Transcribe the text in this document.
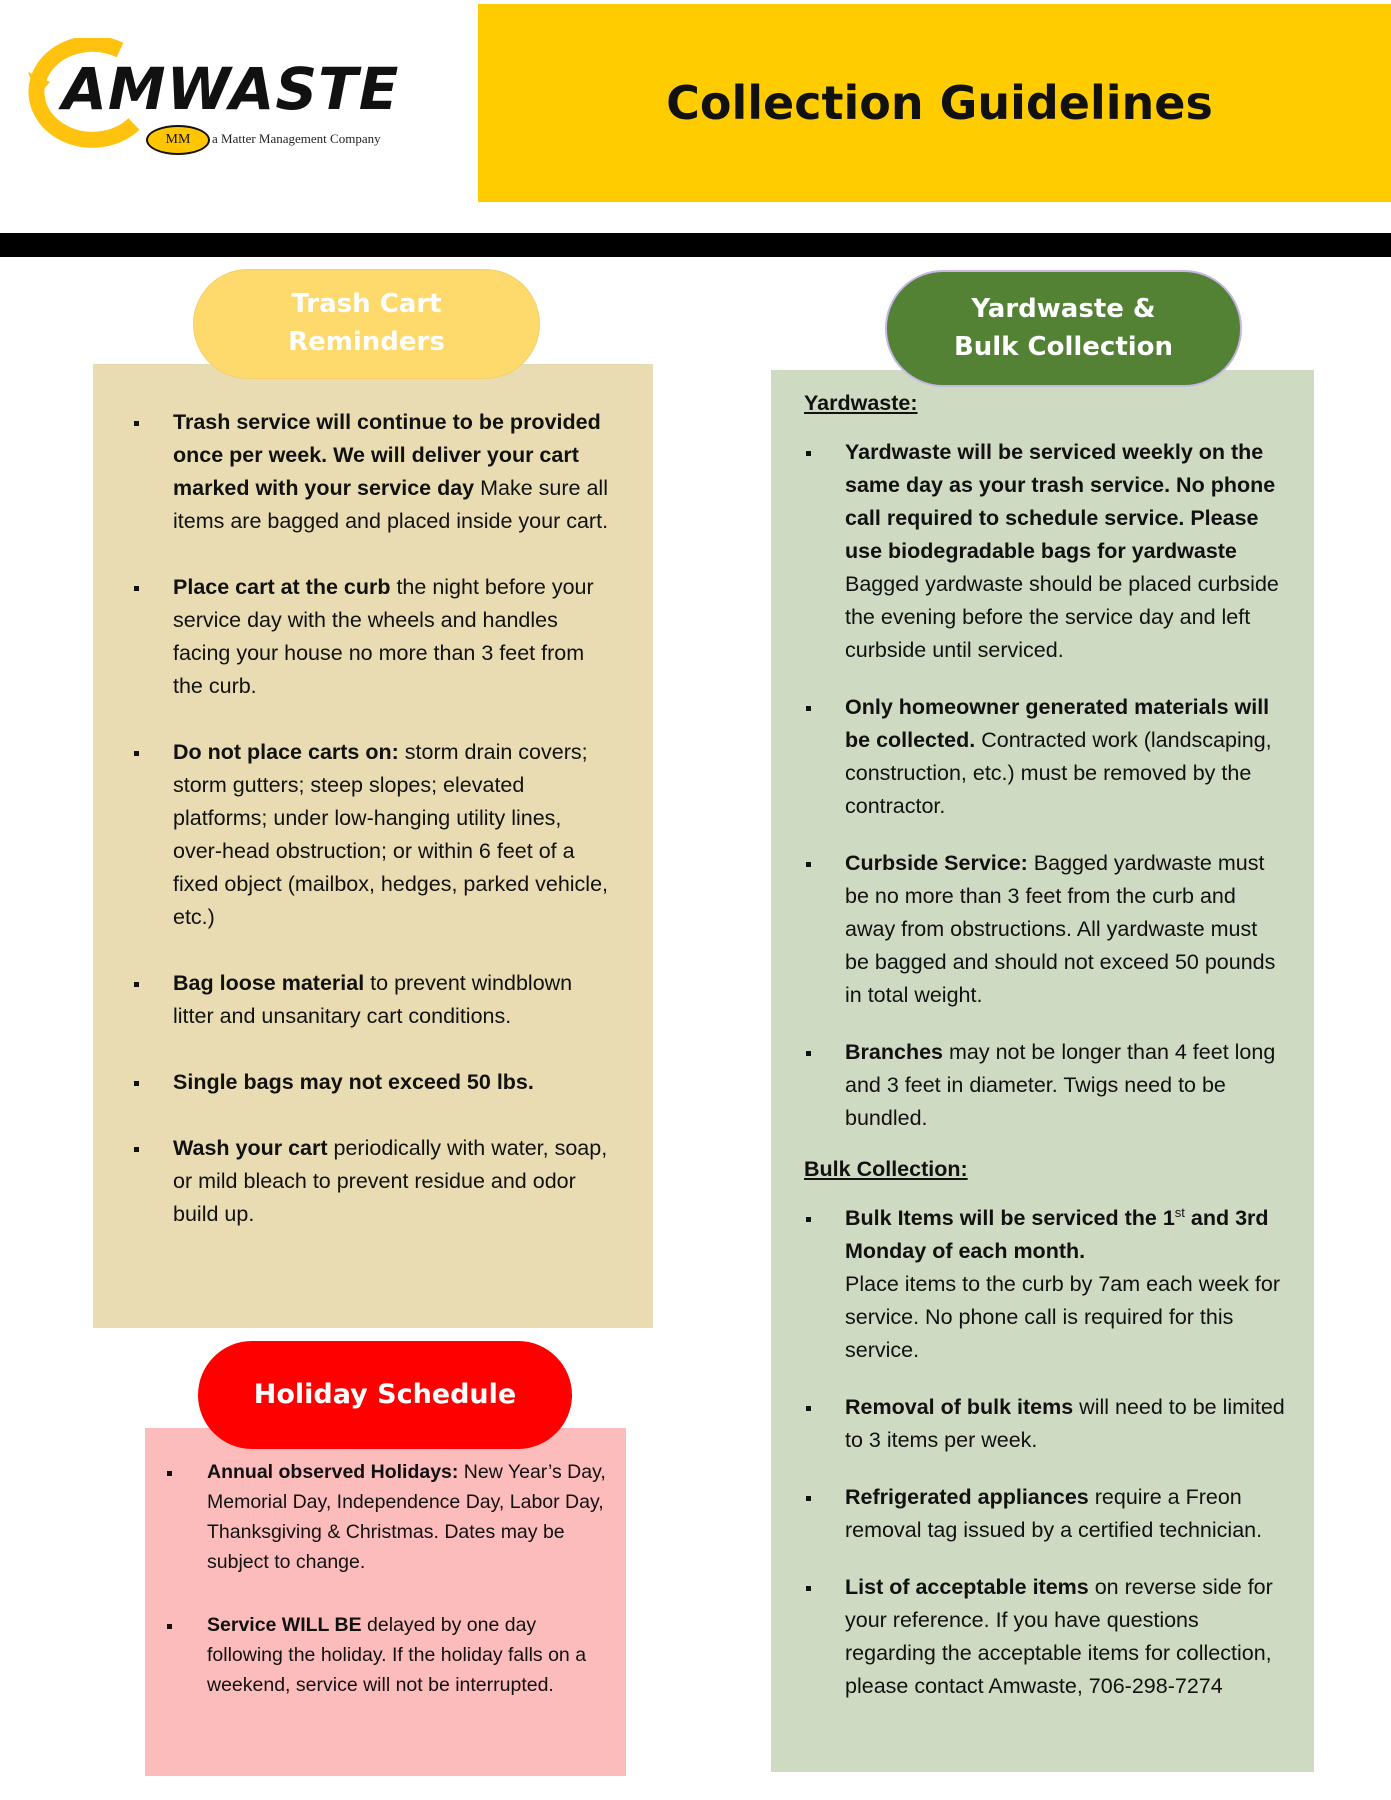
AMWASTE
MM	a Matter Management Company
Collection Guidelines
Trash Cart
Reminders
Trash service will continue to be provided once per week. We will deliver your cart marked with your service day Make sure all items are bagged and placed inside your cart.
Place cart at the curb the night before your service day with the wheels and handles facing your house no more than 3 feet from the curb.
Do not place carts on: storm drain covers; storm gutters; steep slopes; elevated platforms; under low-hanging utility lines, over-head obstruction; or within 6 feet of a fixed object (mailbox, hedges, parked vehicle, etc.)
Bag loose material to prevent windblown litter and unsanitary cart conditions.
Single bags may not exceed 50 lbs.
Wash your cart periodically with water, soap, or mild bleach to prevent residue and odor build up.
Holiday Schedule
Annual observed Holidays: New Year’s Day, Memorial Day, Independence Day, Labor Day, Thanksgiving & Christmas. Dates may be subject to change.
Service WILL BE delayed by one day following the holiday. If the holiday falls on a weekend, service will not be interrupted.
Yardwaste &
Bulk Collection
Yardwaste:
Yardwaste will be serviced weekly on the same day as your trash service. No phone call required to schedule service. Please use biodegradable bags for yardwaste Bagged yardwaste should be placed curbside the evening before the service day and left curbside until serviced.
Only homeowner generated materials will be collected. Contracted work (landscaping, construction, etc.) must be removed by the contractor.
Curbside Service: Bagged yardwaste must be no more than 3 feet from the curb and away from obstructions. All yardwaste must be bagged and should not exceed 50 pounds in total weight.
Branches may not be longer than 4 feet long and 3 feet in diameter. Twigs need to be bundled.
Bulk Collection:
Bulk Items will be serviced the 1st and 3rd Monday of each month.
Place items to the curb by 7am each week for service. No phone call is required for this service.
Removal of bulk items will need to be limited to 3 items per week.
Refrigerated appliances require a Freon removal tag issued by a certified technician.
List of acceptable items on reverse side for your reference. If you have questions regarding the acceptable items for collection, please contact Amwaste, 706-298-7274
